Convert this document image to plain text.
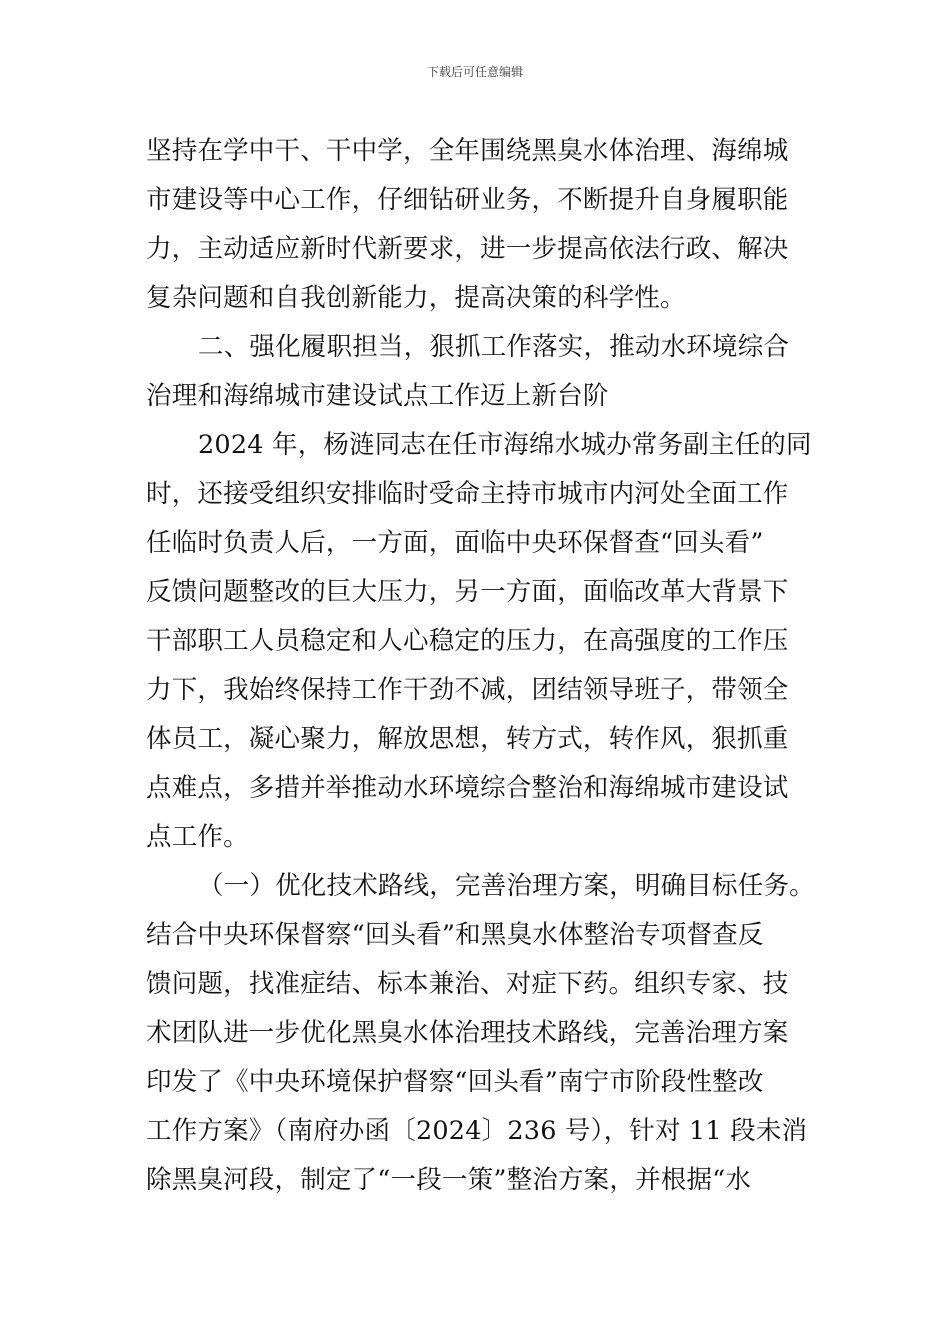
下载后可任意编辑
坚持在学中干、干中学，全年围绕黑臭水体治理、海绵城
市建设等中心工作，仔细钻研业务，不断提升自身履职能
力，主动适应新时代新要求，进一步提高依法行政、解决
复杂问题和自我创新能力，提高决策的科学性。
二、强化履职担当，狠抓工作落实，推动水环境综合
治理和海绵城市建设试点工作迈上新台阶
2024 年，杨涟同志在任市海绵水城办常务副主任的同
时，还接受组织安排临时受命主持市城市内河处全面工作
任临时负责人后，一方面，面临中央环保督查“回头看”
反馈问题整改的巨大压力，另一方面，面临改革大背景下
干部职工人员稳定和人心稳定的压力，在高强度的工作压
力下，我始终保持工作干劲不减，团结领导班子，带领全
体员工，凝心聚力，解放思想，转方式，转作风，狠抓重
点难点，多措并举推动水环境综合整治和海绵城市建设试
点工作。
（一）优化技术路线，完善治理方案，明确目标任务。
结合中央环保督察“回头看”和黑臭水体整治专项督查反
馈问题，找准症结、标本兼治、对症下药。组织专家、技
术团队进一步优化黑臭水体治理技术路线，完善治理方案
印发了《中央环境保护督察“回头看”南宁市阶段性整改
工作方案》（南府办函〔2024〕236 号），针对 11 段未消
除黑臭河段，制定了“一段一策”整治方案，并根据“水
